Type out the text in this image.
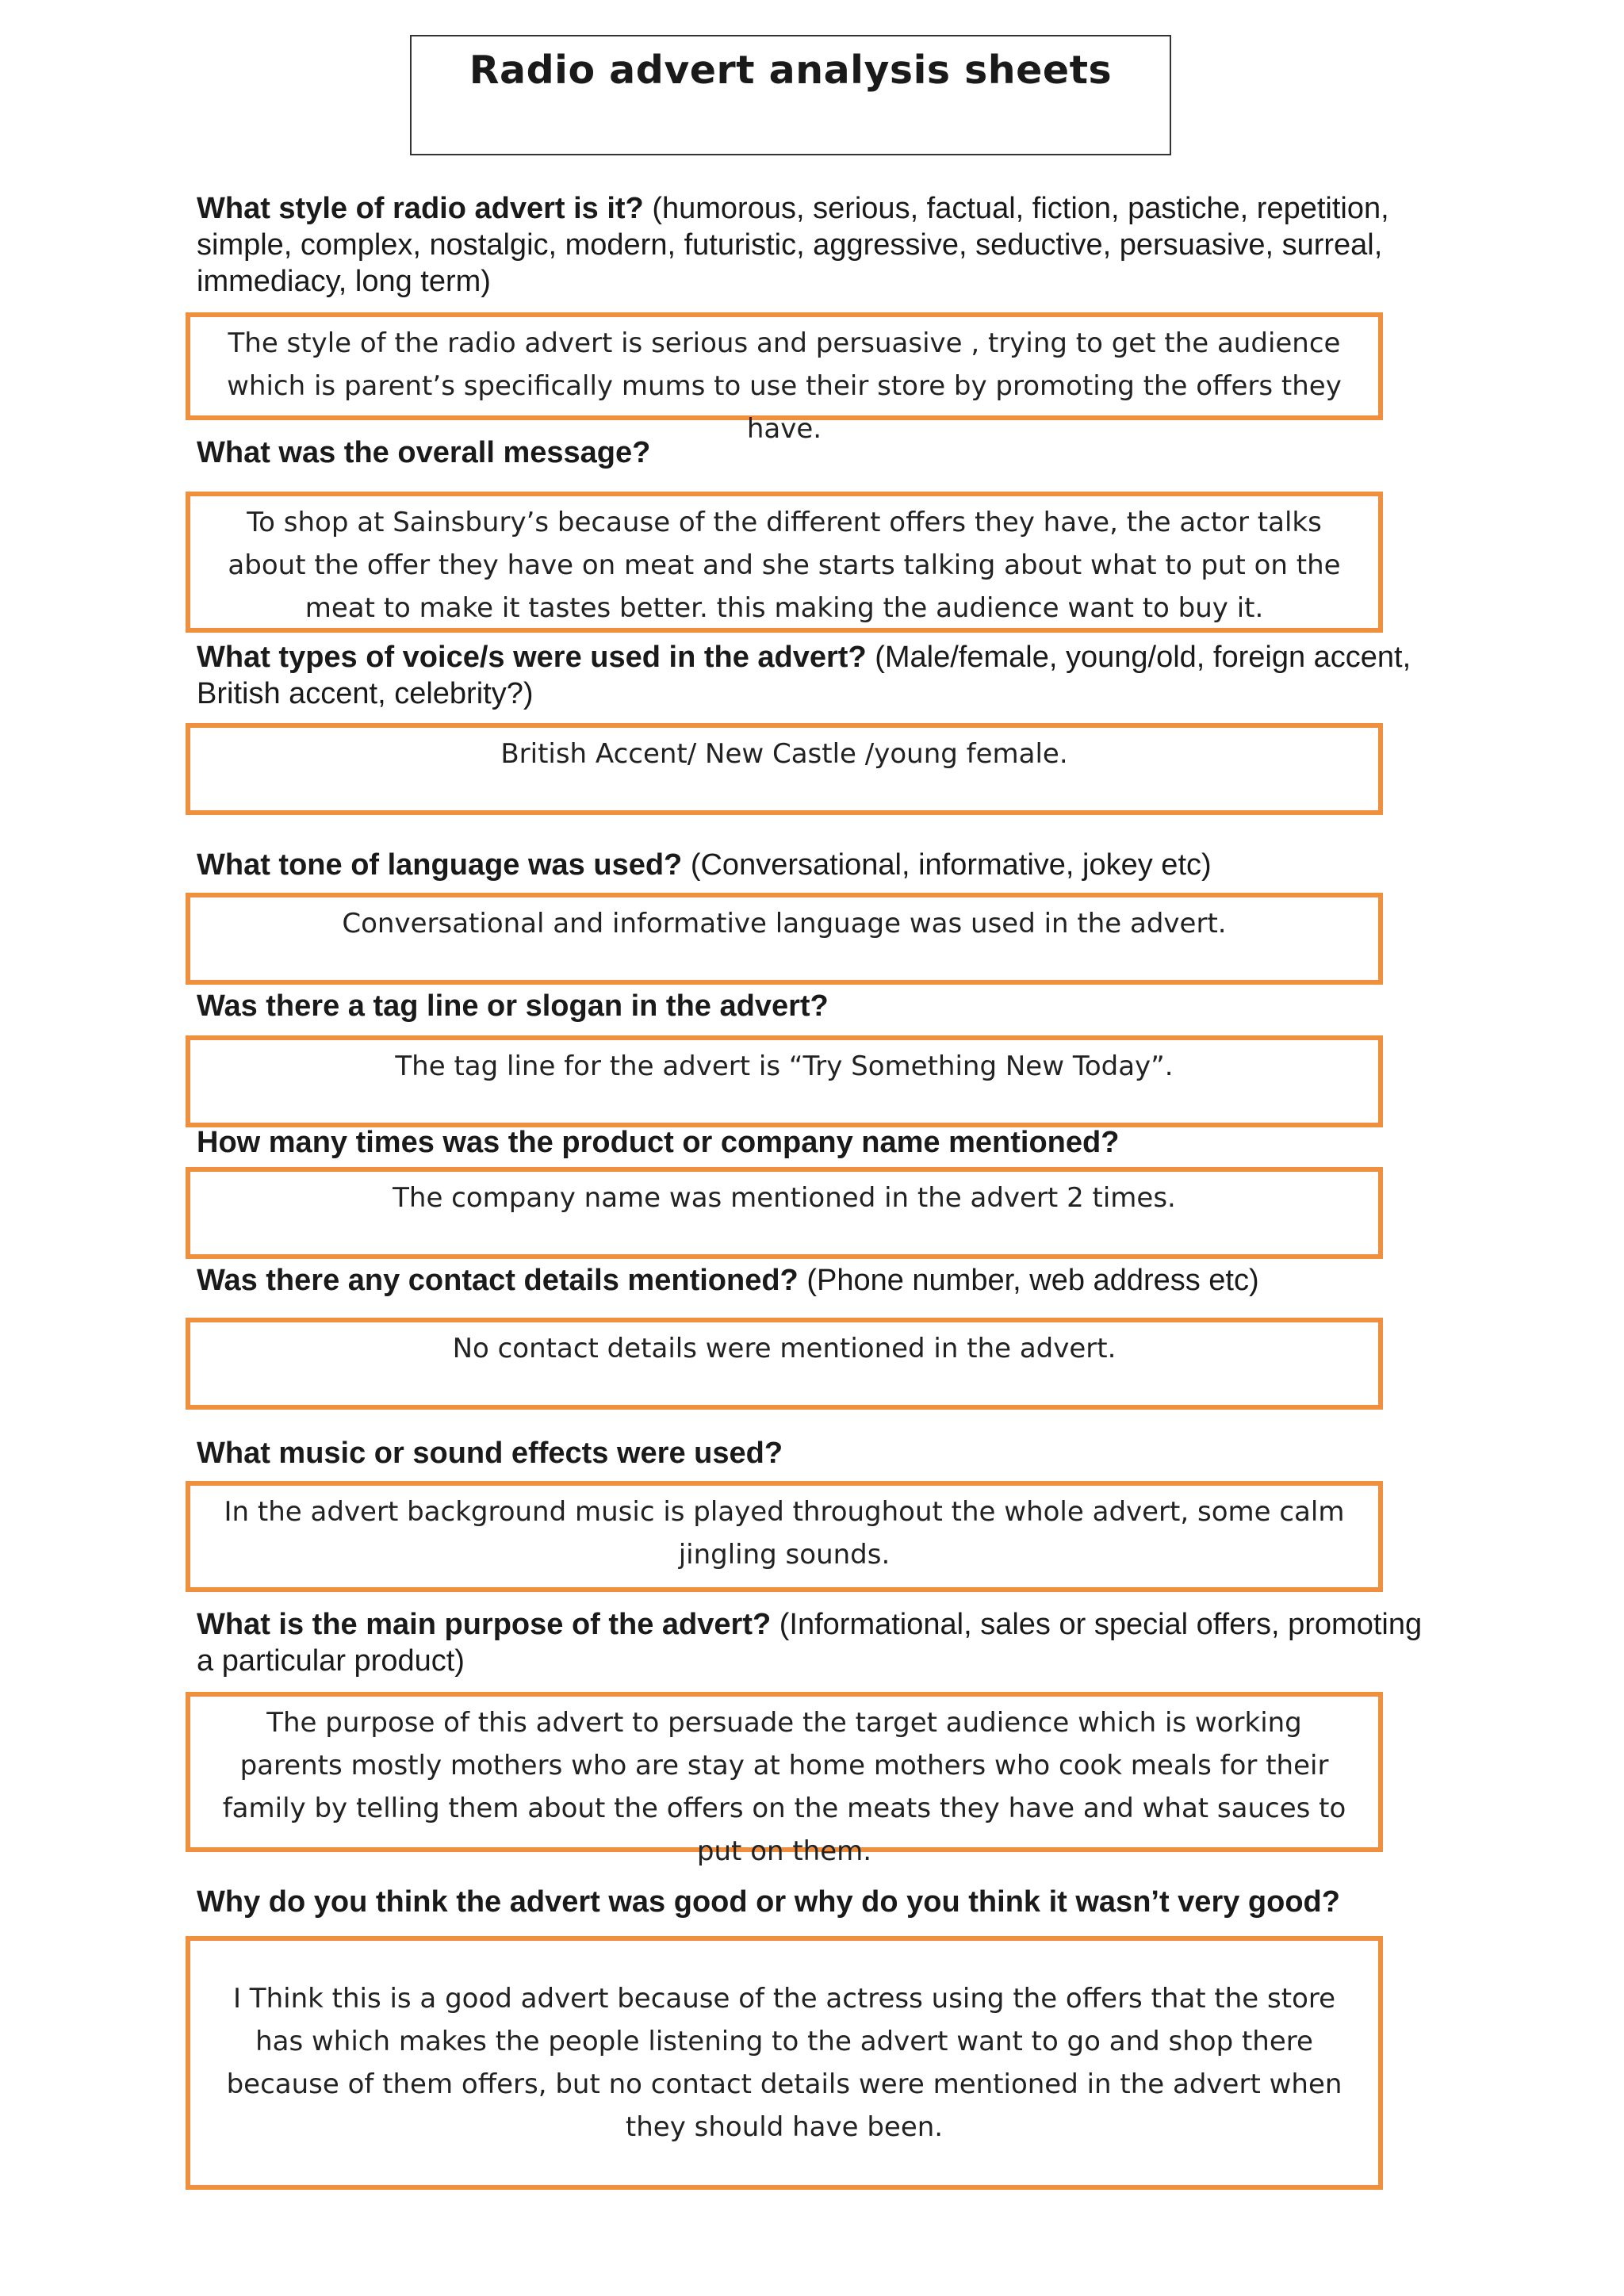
Radio advert analysis sheets
What style of radio advert is it? (humorous, serious, factual, fiction, pastiche, repetition, simple, complex, nostalgic, modern, futuristic, aggressive, seductive, persuasive, surreal, immediacy, long term)
The style of the radio advert is serious and persuasive , trying to get the audience which is parent’s specifically mums to use their store by promoting the offers they have.
What was the overall message?
To shop at Sainsbury’s because of the different offers they have, the actor talks about the offer they have on meat and she starts talking about what to put on the meat to make it tastes better. this making the audience want to buy it.
What types of voice/s were used in the advert? (Male/female, young/old, foreign accent, British accent, celebrity?)
British Accent/ New Castle /young female.
What tone of language was used? (Conversational, informative, jokey etc)
Conversational and informative language was used in the advert.
Was there a tag line or slogan in the advert?
The tag line for the advert is “Try Something New Today”.
How many times was the product or company name mentioned?
The company name was mentioned in the advert 2 times.
Was there any contact details mentioned? (Phone number, web address etc)
No contact details were mentioned in the advert.
What music or sound effects were used?
In the advert background music is played throughout the whole advert, some calm jingling sounds.
What is the main purpose of the advert? (Informational, sales or special offers, promoting a particular product)
The purpose of this advert to persuade the target audience which is working parents mostly mothers who are stay at home mothers who cook meals for their family by telling them about the offers on the meats they have and what sauces to put on them.
Why do you think the advert was good or why do you think it wasn’t very good?
I Think this is a good advert because of the actress using the offers that the store has which makes the people listening to the advert want to go and shop there because of them offers, but no contact details were mentioned in the advert when they should have been.
